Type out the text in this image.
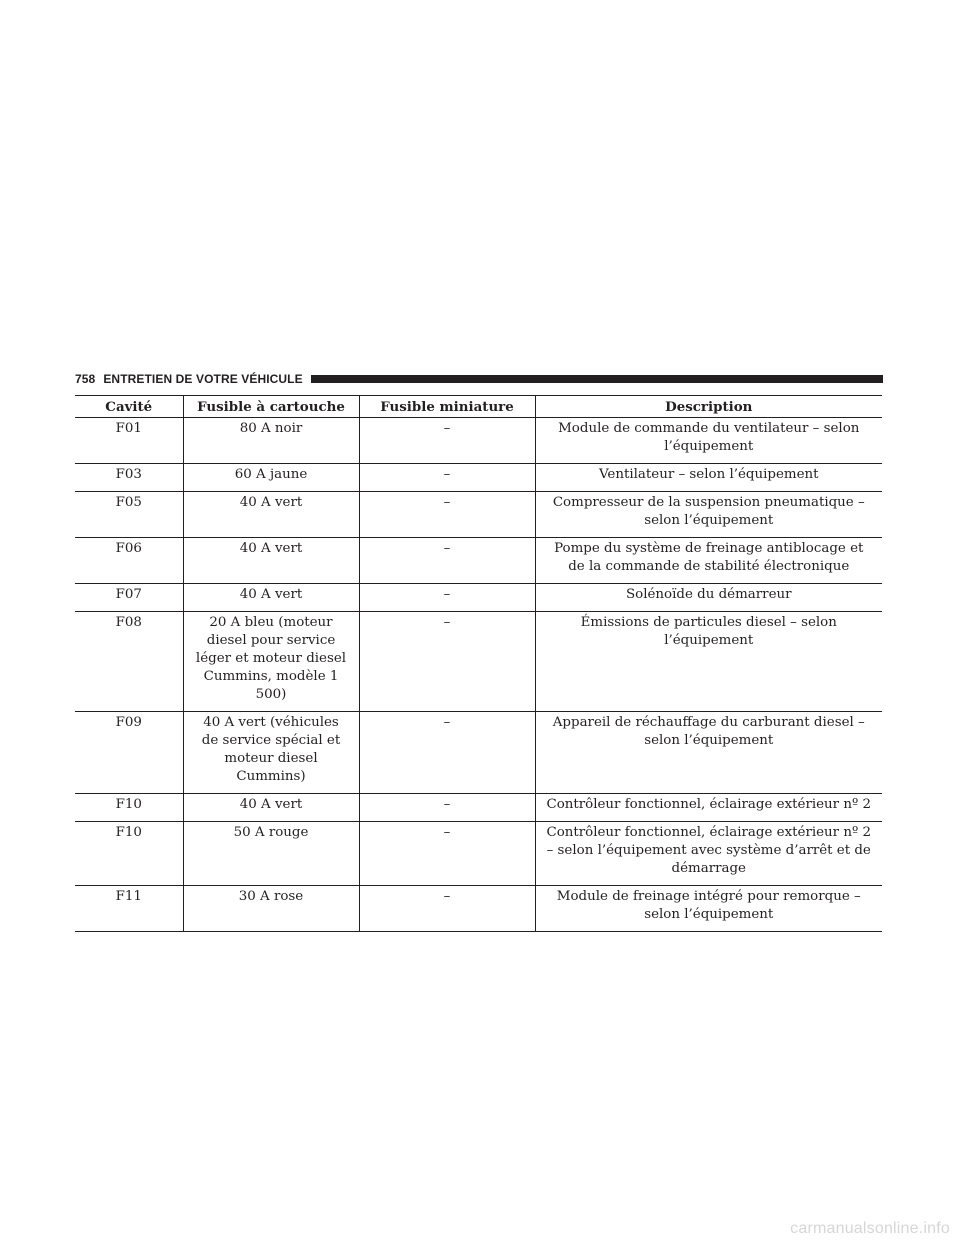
758 ENTRETIEN DE VOTRE VÉHICULE
Cavité	Fusible à cartouche	Fusible miniature	Description
F01	80 A noir	–	Module de commande du ventilateur – selon l’équipement
F03	60 A jaune	–	Ventilateur – selon l’équipement
F05	40 A vert	–	Compresseur de la suspension pneumatique – selon l’équipement
F06	40 A vert	–	Pompe du système de freinage antiblocage et de la commande de stabilité électronique
F07	40 A vert	–	Solénoïde du démarreur
F08	20 A bleu (moteur diesel pour service léger et moteur diesel Cummins, modèle 1 500)	–	Émissions de particules diesel – selon l’équipement
F09	40 A vert (véhicules de service spécial et moteur diesel Cummins)	–	Appareil de réchauffage du carburant diesel – selon l’équipement
F10	40 A vert	–	Contrôleur fonctionnel, éclairage extérieur nº 2
F10	50 A rouge	–	Contrôleur fonctionnel, éclairage extérieur nº 2 – selon l’équipement avec système d’arrêt et de démarrage
F11	30 A rose	–	Module de freinage intégré pour remorque – selon l’équipement
carmanualsonline.info
